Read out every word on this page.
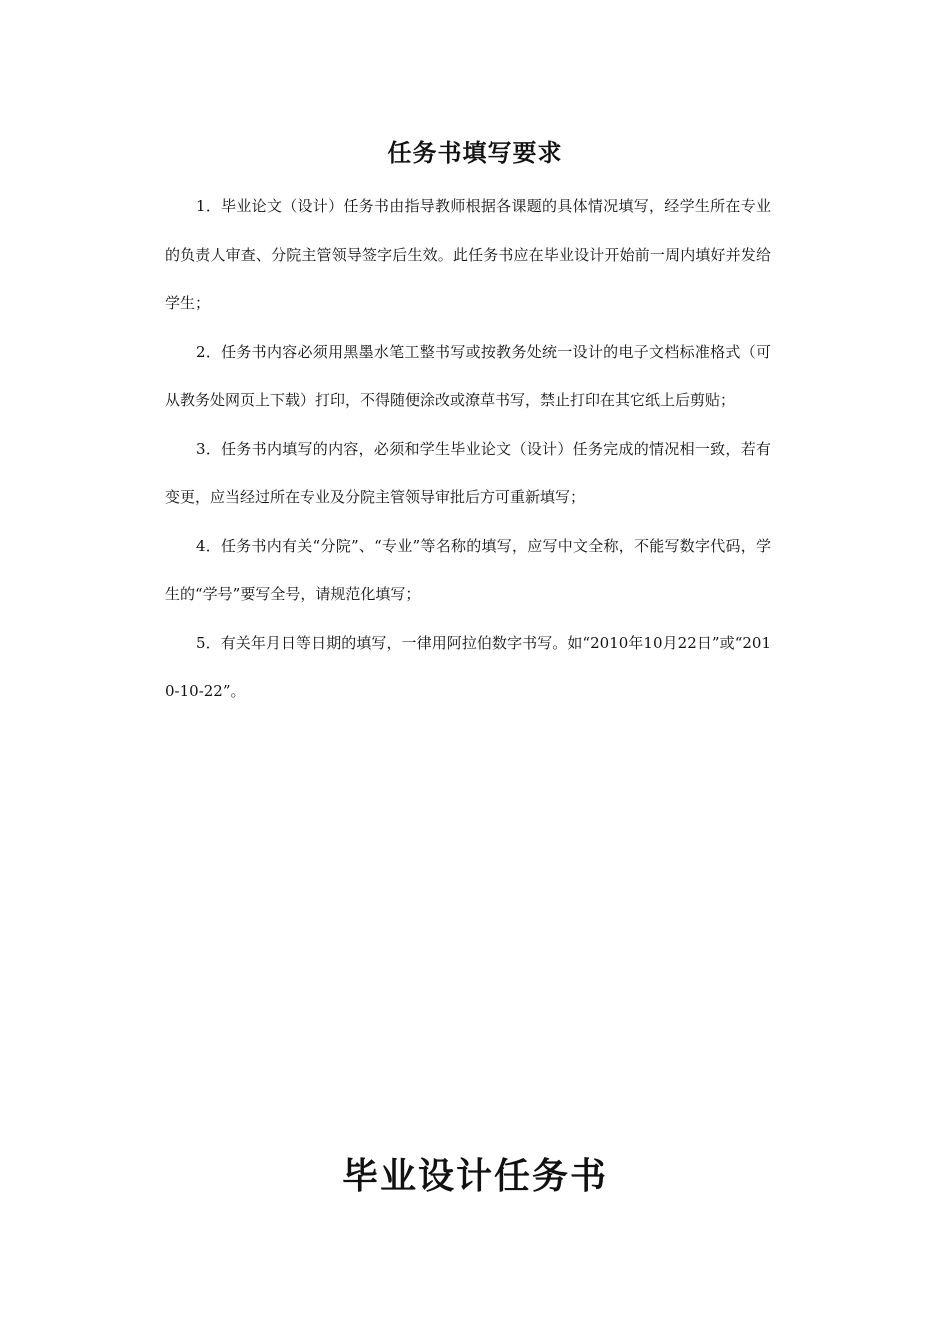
任务书填写要求

1．毕业论文（设计）任务书由指导教师根据各课题的具体情况填写，经学生所在专业的负责人审查、分院主管领导签字后生效。此任务书应在毕业设计开始前一周内填好并发给学生；

2．任务书内容必须用黑墨水笔工整书写或按教务处统一设计的电子文档标准格式（可从教务处网页上下载）打印，不得随便涂改或潦草书写，禁止打印在其它纸上后剪贴；

3．任务书内填写的内容，必须和学生毕业论文（设计）任务完成的情况相一致，若有变更，应当经过所在专业及分院主管领导审批后方可重新填写；

4．任务书内有关“分院”、“专业”等名称的填写，应写中文全称，不能写数字代码，学生的“学号”要写全号，请规范化填写；

5．有关年月日等日期的填写，一律用阿拉伯数字书写。如“2010年10月22日”或“2010-10-22”。

毕业设计任务书
